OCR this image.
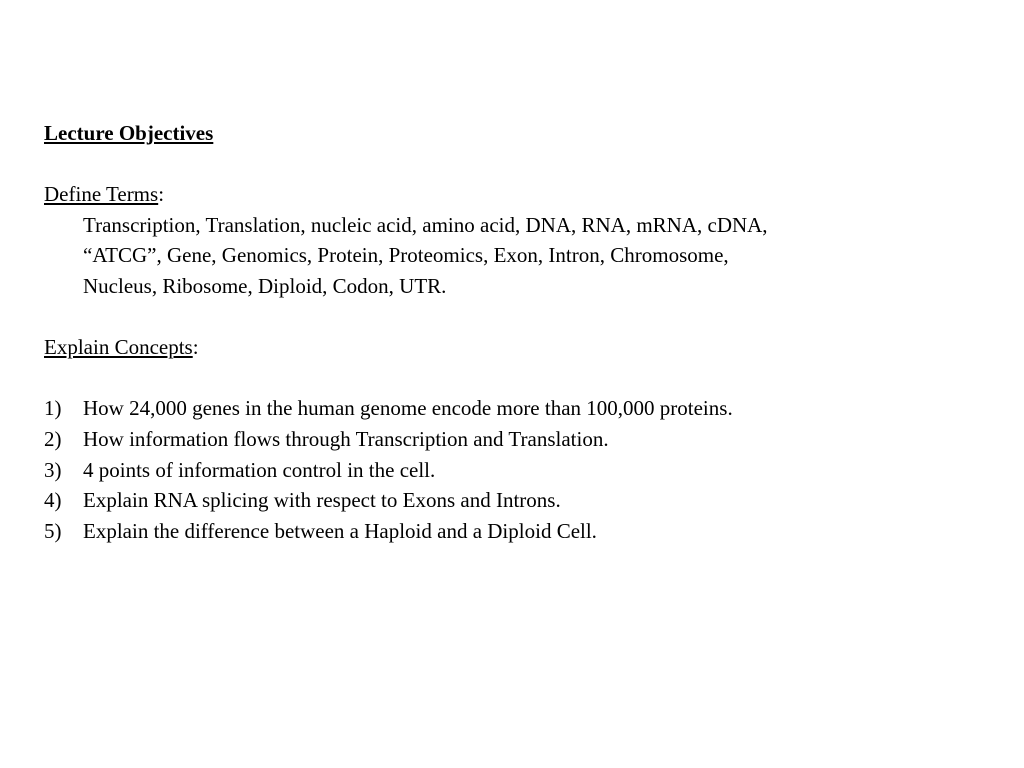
Lecture Objectives

Define Terms:

Transcription, Translation, nucleic acid, amino acid, DNA, RNA, mRNA, cDNA,
“ATCG”, Gene, Genomics, Protein, Proteomics, Exon, Intron, Chromosome,
Nucleus, Ribosome, Diploid, Codon, UTR.

Explain Concepts:

1)	How 24,000 genes in the human genome encode more than 100,000 proteins.
2)	How information flows through Transcription and Translation.
3)	4 points of information control in the cell.
4)	Explain RNA splicing with respect to Exons and Introns.
5)	Explain the difference between a Haploid and a Diploid Cell.
